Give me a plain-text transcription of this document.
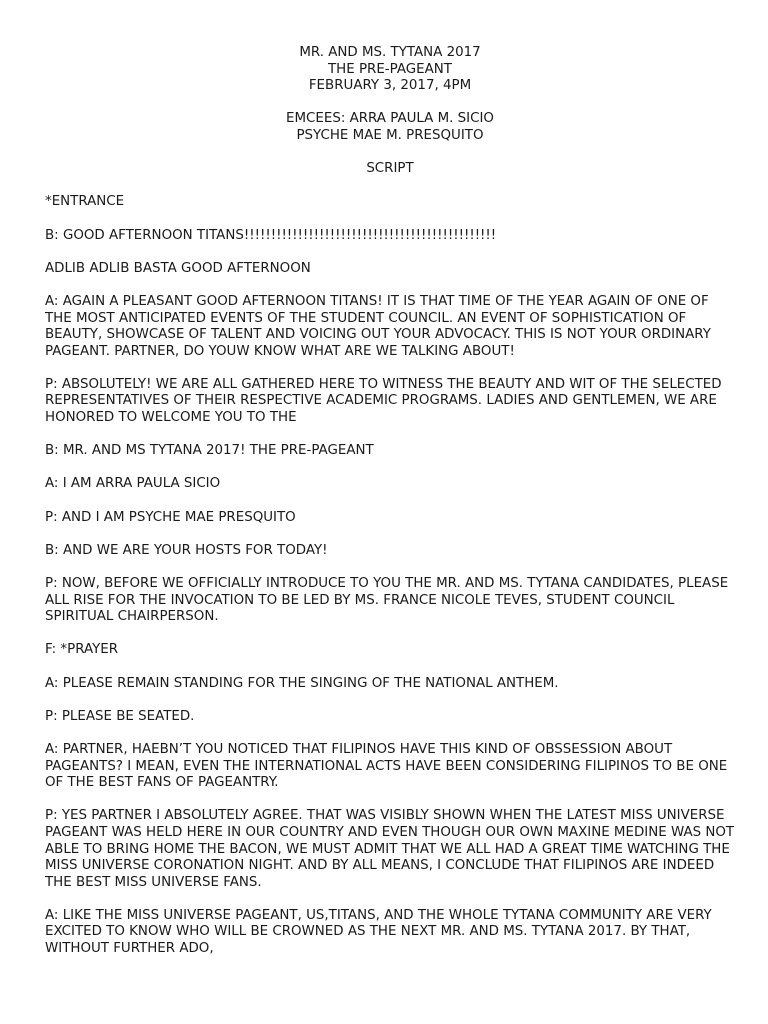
MR. AND MS. TYTANA 2017

THE PRE-PAGEANT

FEBRUARY 3, 2017, 4PM

EMCEES: ARRA PAULA M. SICIO

PSYCHE MAE M. PRESQUITO

SCRIPT

*ENTRANCE

B: GOOD AFTERNOON TITANS!!!!!!!!!!!!!!!!!!!!!!!!!!!!!!!!!!!!!!!!!!!!!!!

ADLIB ADLIB BASTA GOOD AFTERNOON

A: AGAIN A PLEASANT GOOD AFTERNOON TITANS! IT IS THAT TIME OF THE YEAR AGAIN OF ONE OF THE MOST ANTICIPATED EVENTS OF THE STUDENT COUNCIL. AN EVENT OF SOPHISTICATION OF BEAUTY, SHOWCASE OF TALENT AND VOICING OUT YOUR ADVOCACY. THIS IS NOT YOUR ORDINARY PAGEANT. PARTNER, DO YOUW KNOW WHAT ARE WE TALKING ABOUT!

P: ABSOLUTELY! WE ARE ALL GATHERED HERE TO WITNESS THE BEAUTY AND WIT OF THE SELECTED REPRESENTATIVES OF THEIR RESPECTIVE ACADEMIC PROGRAMS. LADIES AND GENTLEMEN, WE ARE HONORED TO WELCOME YOU TO THE

B: MR. AND MS TYTANA 2017! THE PRE-PAGEANT

A: I AM ARRA PAULA SICIO

P: AND I AM PSYCHE MAE PRESQUITO

B: AND WE ARE YOUR HOSTS FOR TODAY!

P: NOW, BEFORE WE OFFICIALLY INTRODUCE TO YOU THE MR. AND MS. TYTANA CANDIDATES, PLEASE ALL RISE FOR THE INVOCATION TO BE LED BY MS. FRANCE NICOLE TEVES, STUDENT COUNCIL SPIRITUAL CHAIRPERSON.

F: *PRAYER

A: PLEASE REMAIN STANDING FOR THE SINGING OF THE NATIONAL ANTHEM.

P: PLEASE BE SEATED.

A: PARTNER, HAEBN’T YOU NOTICED THAT FILIPINOS HAVE THIS KIND OF OBSSESSION ABOUT PAGEANTS? I MEAN, EVEN THE INTERNATIONAL ACTS HAVE BEEN CONSIDERING FILIPINOS TO BE ONE OF THE BEST FANS OF PAGEANTRY.

P: YES PARTNER I ABSOLUTELY AGREE. THAT WAS VISIBLY SHOWN WHEN THE LATEST MISS UNIVERSE PAGEANT WAS HELD HERE IN OUR COUNTRY AND EVEN THOUGH OUR OWN MAXINE MEDINE WAS NOT ABLE TO BRING HOME THE BACON, WE MUST ADMIT THAT WE ALL HAD A GREAT TIME WATCHING THE MISS UNIVERSE CORONATION NIGHT. AND BY ALL MEANS, I CONCLUDE THAT FILIPINOS ARE INDEED THE BEST MISS UNIVERSE FANS.

A: LIKE THE MISS UNIVERSE PAGEANT, US,TITANS, AND THE WHOLE TYTANA COMMUNITY ARE VERY EXCITED TO KNOW WHO WILL BE CROWNED AS THE NEXT MR. AND MS. TYTANA 2017. BY THAT, WITHOUT FURTHER ADO,
